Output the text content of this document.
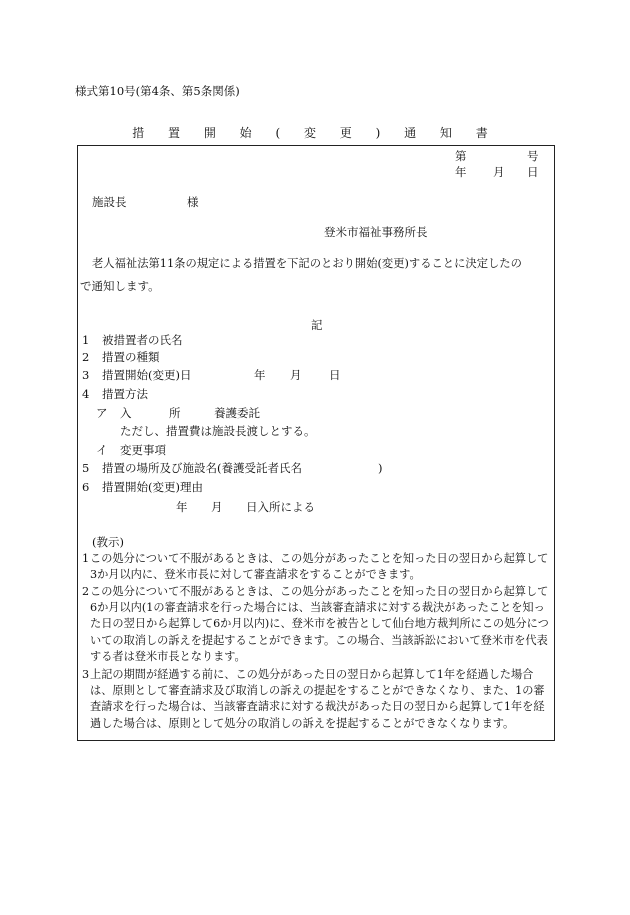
様式第10号(第4条、第5条関係)
措 置 開 始 ( 変 更 ) 通 知 書
第	号
年 月 日
施設長	様
登米市福祉事務所長
老人福祉法第11条の規定による措置を下記のとおり開始(変更)することに決定したの
で通知します。
記
1 被措置者の氏名
2 措置の種類
3 措置開始(変更)日	年 月 日
4 措置方法
ア 入	所	養護委託
ただし、措置費は施設長渡しとする。
イ 変更事項
5 措置の場所及び施設名(養護受託者氏名	)
6 措置開始(変更)理由
年 月 日入所による
(教示)
1 この処分について不服があるときは、この処分があったことを知った日の翌日から起算して3か月以内に、登米市長に対して審査請求をすることができます。
2 この処分について不服があるときは、この処分があったことを知った日の翌日から起算して6か月以内(1の審査請求を行った場合には、当該審査請求に対する裁決があったことを知った日の翌日から起算して6か月以内)に、登米市を被告として仙台地方裁判所にこの処分についての取消しの訴えを提起することができます。この場合、当該訴訟において登米市を代表する者は登米市長となります。
3 上記の期間が経過する前に、この処分があった日の翌日から起算して1年を経過した場合は、原則として審査請求及び取消しの訴えの提起をすることができなくなり、また、1の審査請求を行った場合は、当該審査請求に対する裁決があった日の翌日から起算して1年を経過した場合は、原則として処分の取消しの訴えを提起することができなくなります。
